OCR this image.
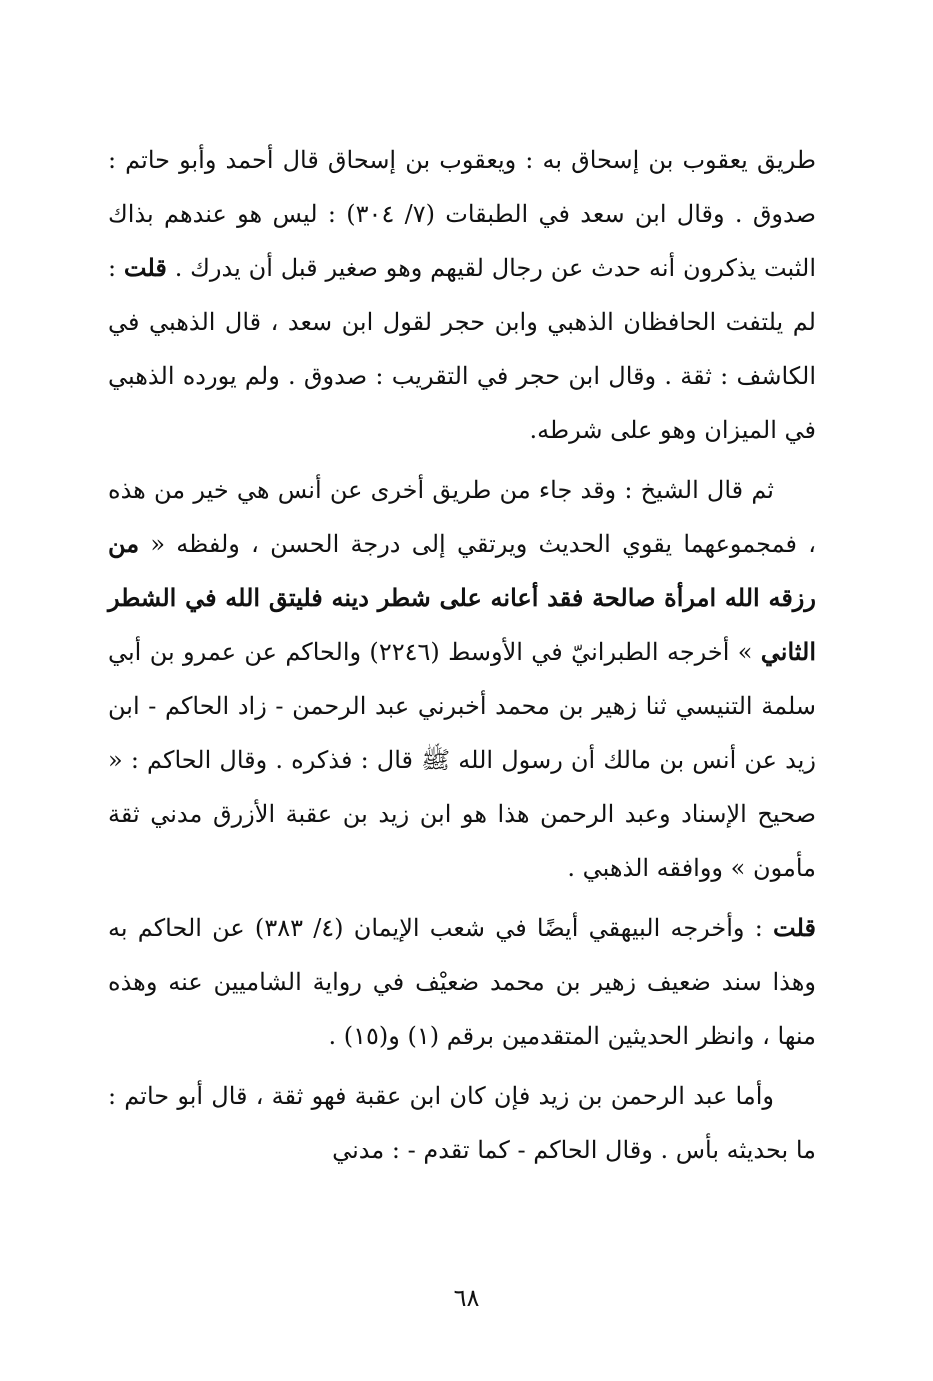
طريق يعقوب بن إسحاق به : ويعقوب بن إسحاق قال أحمد وأبو حاتم : صدوق . وقال ابن سعد في الطبقات (٧/ ٣٠٤) : ليس هو عندهم بذاك الثبت يذكرون أنه حدث عن رجال لقيهم وهو صغير قبل أن يدرك . قلت : لم يلتفت الحافظان الذهبي وابن حجر لقول ابن سعد ، قال الذهبي في الكاشف : ثقة . وقال ابن حجر في التقريب : صدوق . ولم يورده الذهبي في الميزان وهو على شرطه.

ثم قال الشيخ : وقد جاء من طريق أخرى عن أنس هي خير من هذه ، فمجموعهما يقوي الحديث ويرتقي إلى درجة الحسن ، ولفظه « من رزقه الله امرأة صالحة فقد أعانه على شطر دينه فليتق الله في الشطر الثاني » أخرجه الطبرانيّ في الأوسط (٢٢٤٦) والحاكم عن عمرو بن أبي سلمة التنيسي ثنا زهير بن محمد أخبرني عبد الرحمن - زاد الحاكم - ابن زيد عن أنس بن مالك أن رسول الله ﷺ قال : فذكره . وقال الحاكم : « صحيح الإسناد وعبد الرحمن هذا هو ابن زيد بن عقبة الأزرق مدني ثقة مأمون » ووافقه الذهبي .

قلت : وأخرجه البيهقي أيضًا في شعب الإيمان (٤/ ٣٨٣) عن الحاكم به وهذا سند ضعيف زهير بن محمد ضعيْف في رواية الشاميين عنه وهذه منها ، وانظر الحديثين المتقدمين برقم (١) و(١٥) .

وأما عبد الرحمن بن زيد فإن كان ابن عقبة فهو ثقة ، قال أبو حاتم : ما بحديثه بأس . وقال الحاكم - كما تقدم - : مدني

٦٨
